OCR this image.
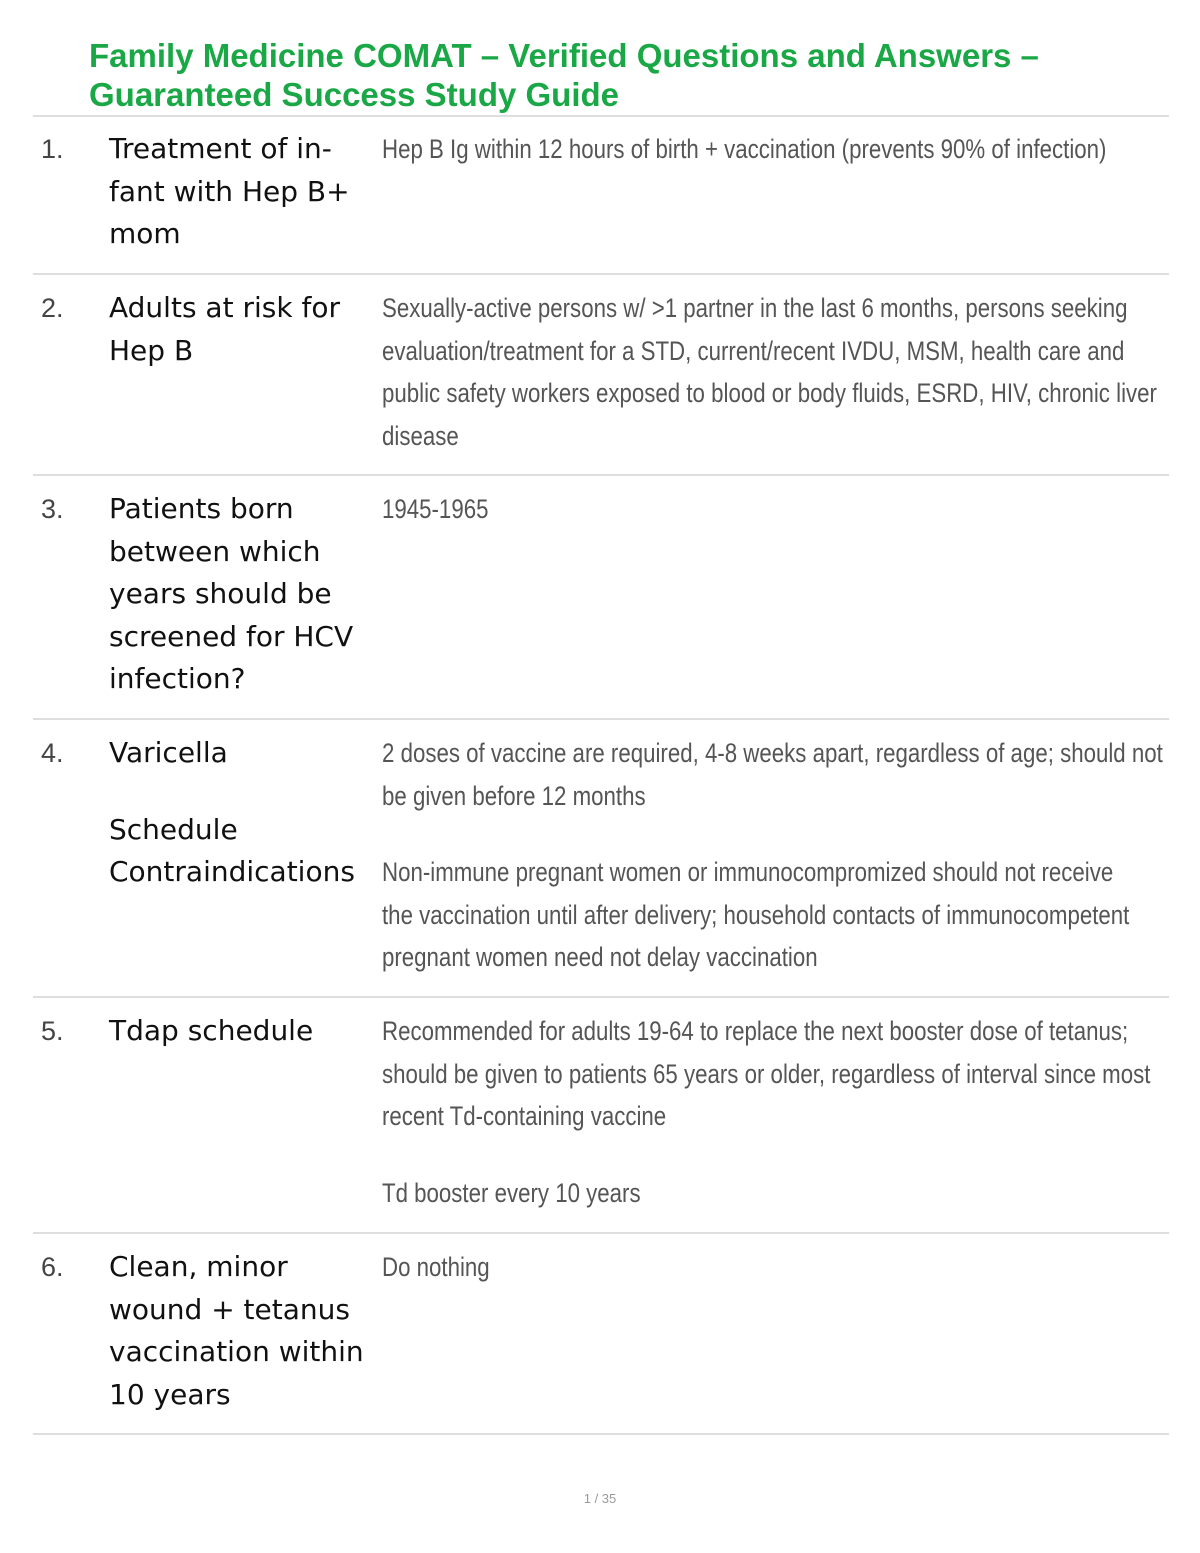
Family Medicine COMAT – Verified Questions and Answers –
Guaranteed Success Study Guide
1. Treatment of in-
fant with Hep B+
mom
Hep B Ig within 12 hours of birth + vaccination (prevents 90% of infection)
2. Adults at risk for
Hep B
Sexually-active persons w/ >1 partner in the last 6 months, persons seeking
evaluation/treatment for a STD, current/recent IVDU, MSM, health care and
public safety workers exposed to blood or body fluids, ESRD, HIV, chronic liver
disease
3. Patients born
between which
years should be
screened for HCV
infection?
1945-1965
4. Varicella
Schedule
Contraindications
2 doses of vaccine are required, 4-8 weeks apart, regardless of age; should not
be given before 12 months
Non-immune pregnant women or immunocompromized should not receive
the vaccination until after delivery; household contacts of immunocompetent
pregnant women need not delay vaccination
5. Tdap schedule	Recommended for adults 19-64 to replace the next booster dose of tetanus;
should be given to patients 65 years or older, regardless of interval since most
recent Td-containing vaccine
Td booster every 10 years
6. Clean, minor
wound + tetanus
vaccination within
10 years
Do nothing
1 / 35
